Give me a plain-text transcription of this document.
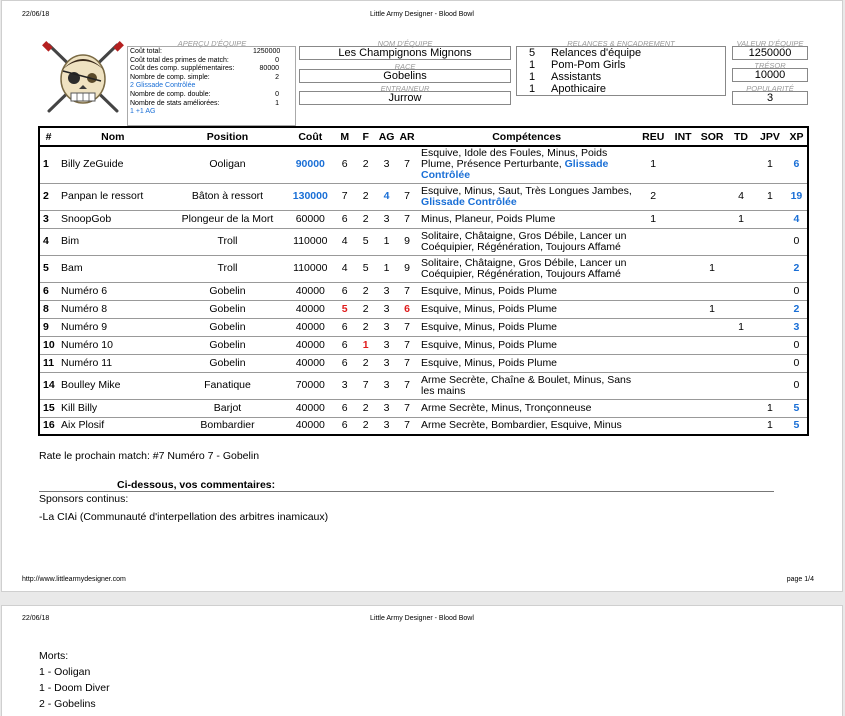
22/06/18	Little Army Designer - Blood Bowl
APERÇU D'ÉQUIPE
Coût total:	1250000
Coût total des primes de match:	0
Coût des comp. supplémentaires:	80000
Nombre de comp. simple:	2
2 Glissade Contrôlée
Nombre de comp. double:	0
Nombre de stats améliorées:	1
1 +1 AG
NOM D'ÉQUIPE
Les Champignons Mignons
RACE
Gobelins
ENTRAINEUR
Jurrow
RELANCES & ENCADREMENT
5	Relances d'équipe
1	Pom-Pom Girls
1	Assistants
1	Apothicaire
VALEUR D'ÉQUIPE
1250000
TRÉSOR
10000
POPULARITÉ
3
#	Nom	Position	Coût	M	F	AG	AR	Compétences	REU	INT	SOR	TD	JPV	XP
1	Billy ZeGuide	Ooligan	90000	6	2	3	7	Esquive, Idole des Foules, Minus, Poids Plume, Présence Perturbante, Glissade Contrôlée	1				1	6
2	Panpan le ressort	Bâton à ressort	130000	7	2	4	7	Esquive, Minus, Saut, Très Longues Jambes, Glissade Contrôlée	2			4	1	19
3	SnoopGob	Plongeur de la Mort	60000	6	2	3	7	Minus, Planeur, Poids Plume	1			1		4
4	Bim	Troll	110000	4	5	1	9	Solitaire, Châtaigne, Gros Débile, Lancer un Coéquipier, Régénération, Toujours Affamé						0
5	Bam	Troll	110000	4	5	1	9	Solitaire, Châtaigne, Gros Débile, Lancer un Coéquipier, Régénération, Toujours Affamé			1			2
6	Numéro 6	Gobelin	40000	6	2	3	7	Esquive, Minus, Poids Plume						0
8	Numéro 8	Gobelin	40000	5	2	3	6	Esquive, Minus, Poids Plume			1			2
9	Numéro 9	Gobelin	40000	6	2	3	7	Esquive, Minus, Poids Plume				1		3
10	Numéro 10	Gobelin	40000	6	1	3	7	Esquive, Minus, Poids Plume						0
11	Numéro 11	Gobelin	40000	6	2	3	7	Esquive, Minus, Poids Plume						0
14	Boulley Mike	Fanatique	70000	3	7	3	7	Arme Secrète, Chaîne & Boulet, Minus, Sans les mains						0
15	Kill Billy	Barjot	40000	6	2	3	7	Arme Secrète, Minus, Tronçonneuse					1	5
16	Aix Plosif	Bombardier	40000	6	2	3	7	Arme Secrète, Bombardier, Esquive, Minus					1	5
Rate le prochain match: #7 Numéro 7 - Gobelin
Ci-dessous, vos commentaires:
Sponsors continus:
-La CIAi (Communauté d'interpellation des arbitres inamicaux)
http://www.littlearmydesigner.com	page 1/4
22/06/18	Little Army Designer - Blood Bowl
Morts:
1 - Ooligan
1 - Doom Diver
2 - Gobelins
